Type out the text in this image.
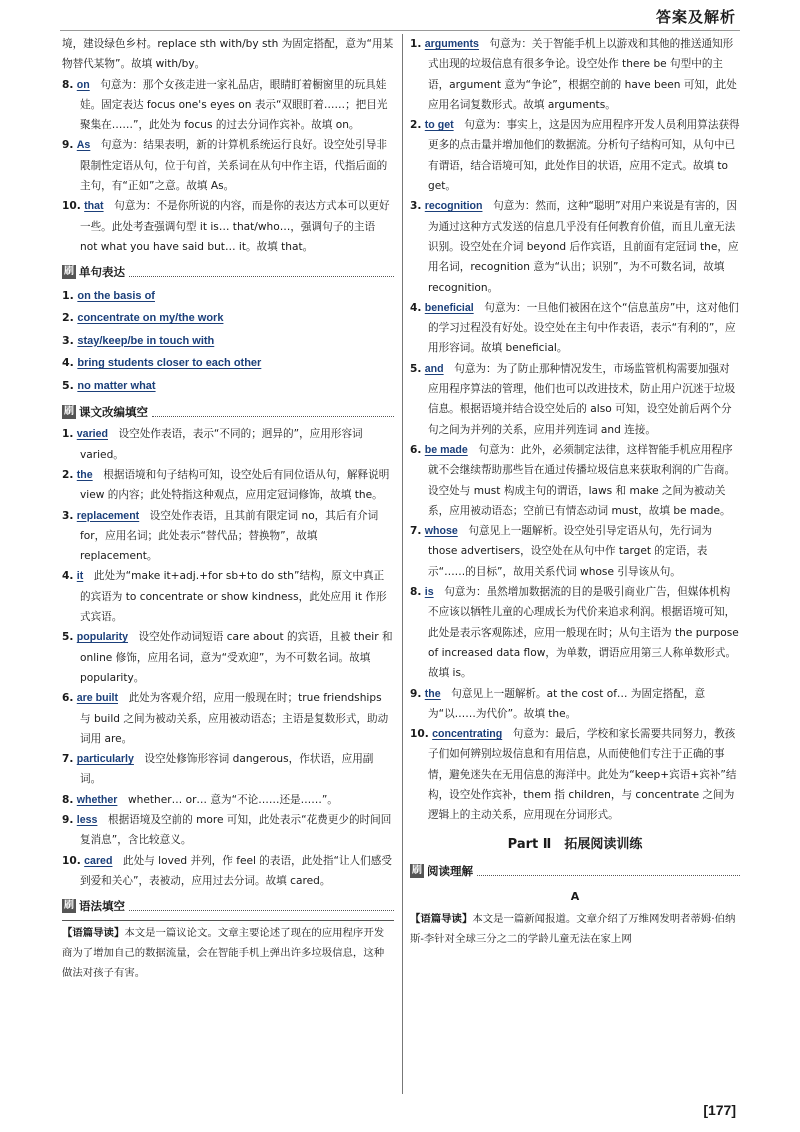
答案及解析

境，建设绿色乡村。replace sth with/by sth 为固定搭配，意为“用某物替代某物”。故填 with/by。

8. on　 句意为：那个女孩走进一家礼品店，眼睛盯着橱窗里的玩具娃娃。固定表达 focus one's eyes on 表示“双眼盯着……；把目光聚集在……”，此处为 focus 的过去分词作宾补。故填 on。

9. As　 句意为：结果表明，新的计算机系统运行良好。设空处引导非限制性定语从句，位于句首，关系词在从句中作主语，代指后面的主句，有“正如”之意。故填 As。

10. that　 句意为：不是你所说的内容，而是你的表达方式本可以更好一些。此处考查强调句型 it is… that/who…，强调句子的主语 not what you have said but… it。故填 that。

刷 单句表达

1. on the basis of

2. concentrate on my/the work

3. stay/keep/be in touch with

4. bring students closer to each other

5. no matter what

刷 课文改编填空

1. varied　 设空处作表语，表示“不同的；迥异的”，应用形容词 varied。

2. the　 根据语境和句子结构可知，设空处后有同位语从句，解释说明 view 的内容；此处特指这种观点，应用定冠词修饰，故填 the。

3. replacement　 设空处作表语，且其前有限定词 no，其后有介词 for，应用名词；此处表示“替代品；替换物”，故填 replacement。

4. it　 此处为“make it+adj.+for sb+to do sth”结构，原文中真正的宾语为 to concentrate or show kindness，此处应用 it 作形式宾语。

5. popularity　 设空处作动词短语 care about 的宾语，且被 their 和 online 修饰，应用名词，意为“受欢迎”，为不可数名词。故填 popularity。

6. are built　 此处为客观介绍，应用一般现在时；true friendships 与 build 之间为被动关系，应用被动语态；主语是复数形式，助动词用 are。

7. particularly　 设空处修饰形容词 dangerous，作状语，应用副词。

8. whether　 whether… or… 意为“不论……还是……”。

9. less　 根据语境及空前的 more 可知，此处表示“花费更少的时间回复消息”，含比较意义。

10. cared　 此处与 loved 并列，作 feel 的表语，此处指“让人们感受到爱和关心”，表被动，应用过去分词。故填 cared。

刷 语法填空
【语篇导读】本文是一篇议论文。文章主要论述了现在的应用程序开发商为了增加自己的数据流量，会在智能手机上弹出许多垃圾信息，这种做法对孩子有害。

1. arguments　 句意为：关于智能手机上以游戏和其他的推送通知形式出现的垃圾信息有很多争论。设空处作 there be 句型中的主语，argument 意为“争论”，根据空前的 have been 可知，此处应用名词复数形式。故填 arguments。

2. to get　 句意为：事实上，这是因为应用程序开发人员利用算法获得更多的点击量并增加他们的数据流。分析句子结构可知，从句中已有谓语，结合语境可知，此处作目的状语，应用不定式。故填 to get。

3. recognition　 句意为：然而，这种“聪明”对用户来说是有害的，因为通过这种方式发送的信息几乎没有任何教育价值，而且儿童无法识别。设空处在介词 beyond 后作宾语，且前面有定冠词 the，应用名词，recognition 意为“认出；识别”，为不可数名词，故填 recognition。

4. beneficial　 句意为：一旦他们被困在这个“信息茧房”中，这对他们的学习过程没有好处。设空处在主句中作表语，表示“有利的”，应用形容词。故填 beneficial。

5. and　 句意为：为了防止那种情况发生，市场监管机构需要加强对应用程序算法的管理，他们也可以改进技术，防止用户沉迷于垃圾信息。根据语境并结合设空处后的 also 可知，设空处前后两个分句之间为并列的关系，应用并列连词 and 连接。

6. be made　 句意为：此外，必须制定法律，这样智能手机应用程序就不会继续帮助那些旨在通过传播垃圾信息来获取利润的广告商。设空处与 must 构成主句的谓语，laws 和 make 之间为被动关系，应用被动语态；空前已有情态动词 must，故填 be made。

7. whose　 句意见上一题解析。设空处引导定语从句，先行词为 those advertisers，设空处在从句中作 target 的定语，表示“……的目标”，故用关系代词 whose 引导该从句。

8. is　 句意为：虽然增加数据流的目的是吸引商业广告，但媒体机构不应该以牺牲儿童的心理成长为代价来追求利润。根据语境可知，此处是表示客观陈述，应用一般现在时；从句主语为 the purpose of increased data flow，为单数，谓语应用第三人称单数形式。故填 is。

9. the　 句意见上一题解析。at the cost of… 为固定搭配，意为“以……为代价”。故填 the。

10. concentrating　 句意为：最后，学校和家长需要共同努力，教孩子们如何辨别垃圾信息和有用信息，从而使他们专注于正确的事情，避免迷失在无用信息的海洋中。此处为“keep+宾语+宾补”结构，设空处作宾补，them 指 children，与 concentrate 之间为逻辑上的主动关系，应用现在分词形式。

Part Ⅱ　拓展阅读训练
刷 阅读理解
A
【语篇导读】本文是一篇新闻报道。文章介绍了万维网发明者蒂姆·伯纳斯-李针对全球三分之二的学龄儿童无法在家上网
[177]
